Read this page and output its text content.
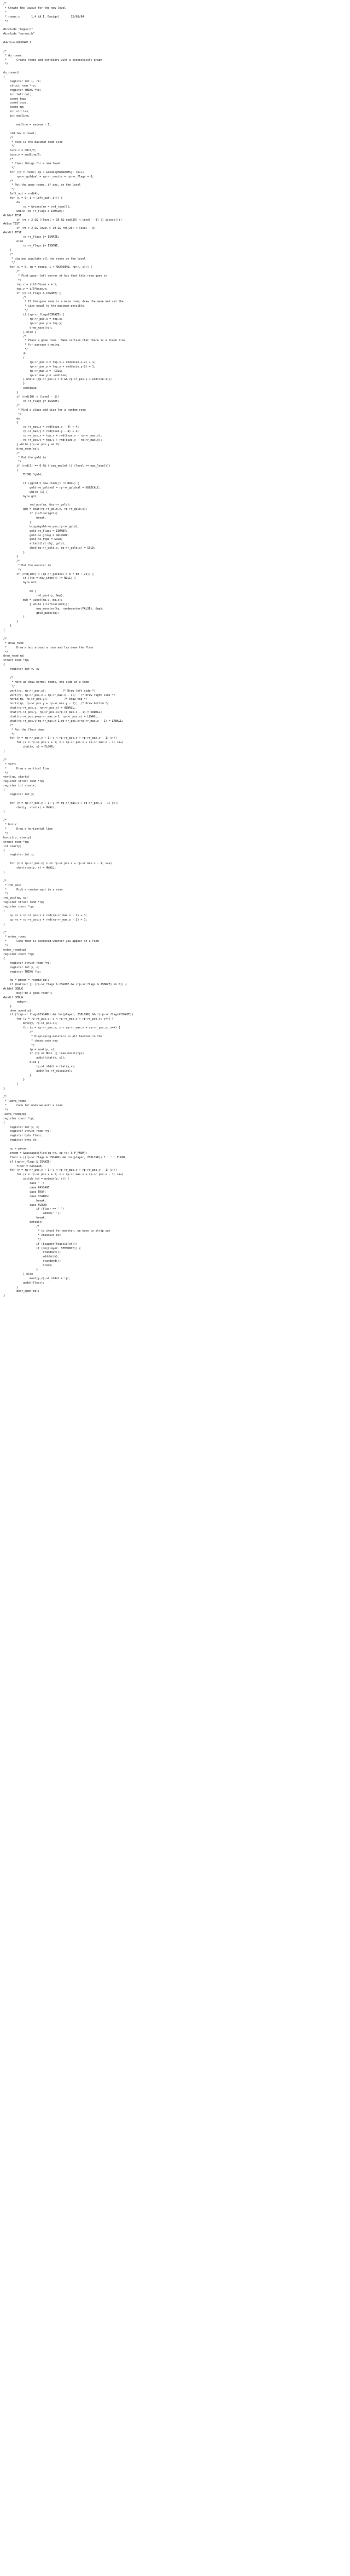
/*
* Create the layout for the new level
*
* rooms.c       1.4 (A.I. Design)       12/06/84
*/

#include "rogue.h"
#include "curses.h"

#define GOLDGRP 1

/*
* do_rooms:
*      Create rooms and corridors with a connectivity graph
*/

do_rooms()
{
register int i, rm;
struct room *rp;
register THING *tp;
int left_out;
coord top;
coord bsze;
coord mp;
int old_lev;
int endline;

endline = maxrow - 1;

old_lev = level;
/*
* bsze is the maximum room size
*/
bsze.x = COLS/3;
bsze.y = endline/3;
/*
* Clear things for a new level
*/
for (rp = rooms; rp < &rooms[MAXROOMS]; rp++)
rp->r_goldval = rp->r_nexits = rp->r_flags = 0;
/*
* Put the gone rooms, if any, on the level
*/
left_out = rnd(4);
for (i = 0; i < left_out; i++) {
do
rp = &rooms[rm = rnd_room()];
while (rp->r_flags & ISMAZE);
#ifdef TEST
if (rm > 2 && ((level > 10 && rnd(20) < level - 9) || istest()))
#else TEST
if (rm > 2 && level > 10 && rnd(20) < level - 9)
#endif TEST
rp->r_flags |= ISMAZE;
else
rp->r_flags |= ISGONE;
}
/*
* dig and populate all the rooms on the level
*/
for (i = 0, rp = rooms; i < MAXROOMS; rp++, i++) {
/*
* Find upper left corner of box that this room goes in
*/
top.x = (i%3)*bsze.x + 1;
top.y = i/3*bsze.y;
if (rp->r_flags & ISGONE) {
/*
* If the gone room is a maze room, draw the maze and set the
* size equal to the maximum possible.
*/
if (rp->r_flags&ISMAZE) {
rp->r_pos.x = top.x;
rp->r_pos.y = top.y;
draw_maze(rp);
} else {
/*
* Place a gone room.  Make certain that there is a blank line
* for passage drawing.
*/
do
{
rp->r_pos.x = top.x + rnd(bsze.x-2) + 1;
rp->r_pos.y = top.y + rnd(bsze.y-2) + 1;
rp->r_max.x = -COLS;
rp->r_max.y = -endline;
} while (rp->r_pos.y < 0 && rp->r_pos.y < endline-1));
}
continue;
}
if (rnd(10) < (level - 1))
rp->r_flags |= ISDARK;
/*
* Find a place and size for a random room
*/
do
{
rp->r_max.x = rnd(bsze.x - 4) + 4;
rp->r_max.y = rnd(bsze.y - 4) + 4;
rp->r_pos.x = top.x + rnd(bsze.x - rp->r_max.x);
rp->r_pos.y = top.y + rnd(bsze.y - rp->r_max.y);
} while (rp->r_pos.y == 0);
draw_room(rp);
/*
* Put the gold in
*/
if (rnd(2) == 0 && (!saw_amulet || (level >= max_level)))
{
THING *gold;

if ((gold = new_item()) != NULL) {
gold->o_goldval = rp->r_goldval = GOLDCALC;
while (1) {
byte gch;

rnd_pos(rp, &rp->r_gold);
gch = chat(rp->r_gold.y, rp->r_gold.x);
if (isfloor(gch))
break;
}
bcopy(gold->o_pos,rp->r_gold);
gold->o_flags = ISMANY;
gold->o_group = GOLDGRP;
gold->o_type = GOLD;
attach(lvl_obj, gold);
chat(rp->r_gold.y, rp->r_gold.x) = GOLD;
}
}
/*
* Put the monster in
*/
if (rnd(100) < (rp->r_goldval > 0 ? 80 : 25)) {
if ((tp = new_item()) != NULL) {
byte mch;

do {
rnd_pos(rp, &mp);
mch = winat(mp.y, mp.x);
} while (!isfloor(mch));
new_monster(tp, randmonster(FALSE), &mp);
give_pack(tp);
}
}
}
}

/*
* draw_room:
*      Draw a box around a room and lay down the floor
*/
draw_room(rp)
struct room *rp;
{
register int y, x;

/*
* Here we draw normal rooms, one side at a time
*/
vert(rp, rp->r_pos.x);          /* Draw left side */
vert(rp, rp->r_pos.x + rp->r_max.x - 1);   /* Draw right side */
horiz(rp, rp->r_pos.y);          /* Draw top */
horiz(rp, rp->r_pos.y + rp->r_max.y - 1);  /* Draw bottom */
chat(rp->r_pos.y, rp->r_pos.x) = ULWALL;
chat(rp->r_pos.y, rp->r_pos.x+rp->r_max.x - 1) = URWALL;
chat(rp->r_pos.y+rp->r_max.y-1, rp->r_pos.x) = LLWALL;
chat(rp->r_pos.y+rp->r_max.y-1,rp->r_pos.x+rp->r_max.x - 1) = LRWALL;
/*
* Put the floor down
*/
for (y = rp->r_pos.y + 1; y < rp->r_pos.y + rp->r_max.y - 1; y++)
for (x = rp->r_pos.x + 1; x < rp->r_pos.x + rp->r_max.x - 1; x++)
chat(y, x) = FLOOR;
}

/*
* vert:
*      Draw a vertical line
*/
vert(rp, startx)
register struct room *rp;
register int startx;
{
register int y;

for (y = rp->r_pos.y + 1; y <= rp->r_max.y + rp->r_pos.y - 1; y++)
chat(y, startx) = VWALL;
}

/*
* horiz:
*      Draw a horizontal line
*/
horiz(rp, starty)
struct room *rp;
int starty;
{
register int x;

for (x = rp->r_pos.x; x <= rp->r_pos.x + rp->r_max.x - 1; x++)
chat(starty, x) = HWALL;
}

/*
* rnd_pos:
*      Pick a random spot in a room
*/
rnd_pos(rp, cp)
register struct room *rp;
register coord *cp;
{
cp->x = rp->r_pos.x + rnd(rp->r_max.x - 2) + 1;
cp->y = rp->r_pos.y + rnd(rp->r_max.y - 2) + 1;
}

/*
* enter_room:
*      Code that is executed whenver you appear in a room
*/
enter_room(cp)
register coord *cp;
{
register struct room *rp;
register int y, x;
register THING *tp;

rp = proom = roomin(cp);
if (bailout || (rp->r_flags & ISGONE && (rp->r_flags & ISMAZE) == 0)) {
#ifdef DEBUG
msg("in a gone room");
#endif DEBUG
return;
}
door_open(rp);
if (!(rp->r_flags&ISDARK) && !on(player, ISBLIND) && !(rp->r_flags&ISMAZE))
for (y = rp->r_pos.y; y < rp->r_max.y + rp->r_pos.y; y++) {
move(y, rp->r_pos.x);
for (x = rp->r_pos.x; x < rp->r_max.x + rp->r_pos.x; x++) {
/*
* Displaying monsters is all handled in the
* chase code now
*/
tp = moat(y, x);
if (tp == NULL || !see_monst(tp))
addch(chat(y, x));
else {
tp->t_oldch = chat(y,x);
addch(tp->t_disguise);
}
}
}
}

/*
* leave_room:
*      Code for when we exit a room
*/
leave_room(cp)
register coord *cp;
{
register int y, x;
register struct room *rp;
register byte floor;
register byte ch;

rp = proom;
proom = &passages[flat(cp->y, cp->x) & F_PNUM];
floor = ((rp->r_flags & ISDARK) && !on(player, ISBLIND)) ? ' ' : FLOOR;
if (rp->r_flags & ISMAZE)
floor = PASSAGE;
for (y = rp->r_pos.y + 1; y < rp->r_max.y + rp->r_pos.y - 1; y++)
for (x = rp->r_pos.x + 1; x < rp->r_max.x + rp->r_pos.x - 1; x++)
switch (ch = mvinch(y, x)) {
case ' ':
case PASSAGE:
case TRAP:
case STAIRS:
break;
case FLOOR:
if (floor == ' ')
addch(' ');
break;
default:
/*
* to check for monster, we have to strip out
* standout bit
*/
if (isupper(toascii(ch)))
if (on(player, SEEMONST)) {
standout();
addch(ch);
standend();
break;
}
} else
moat(y,x)->t_oldch = '@';
addch(floor);
}
door_open(rp);
}
